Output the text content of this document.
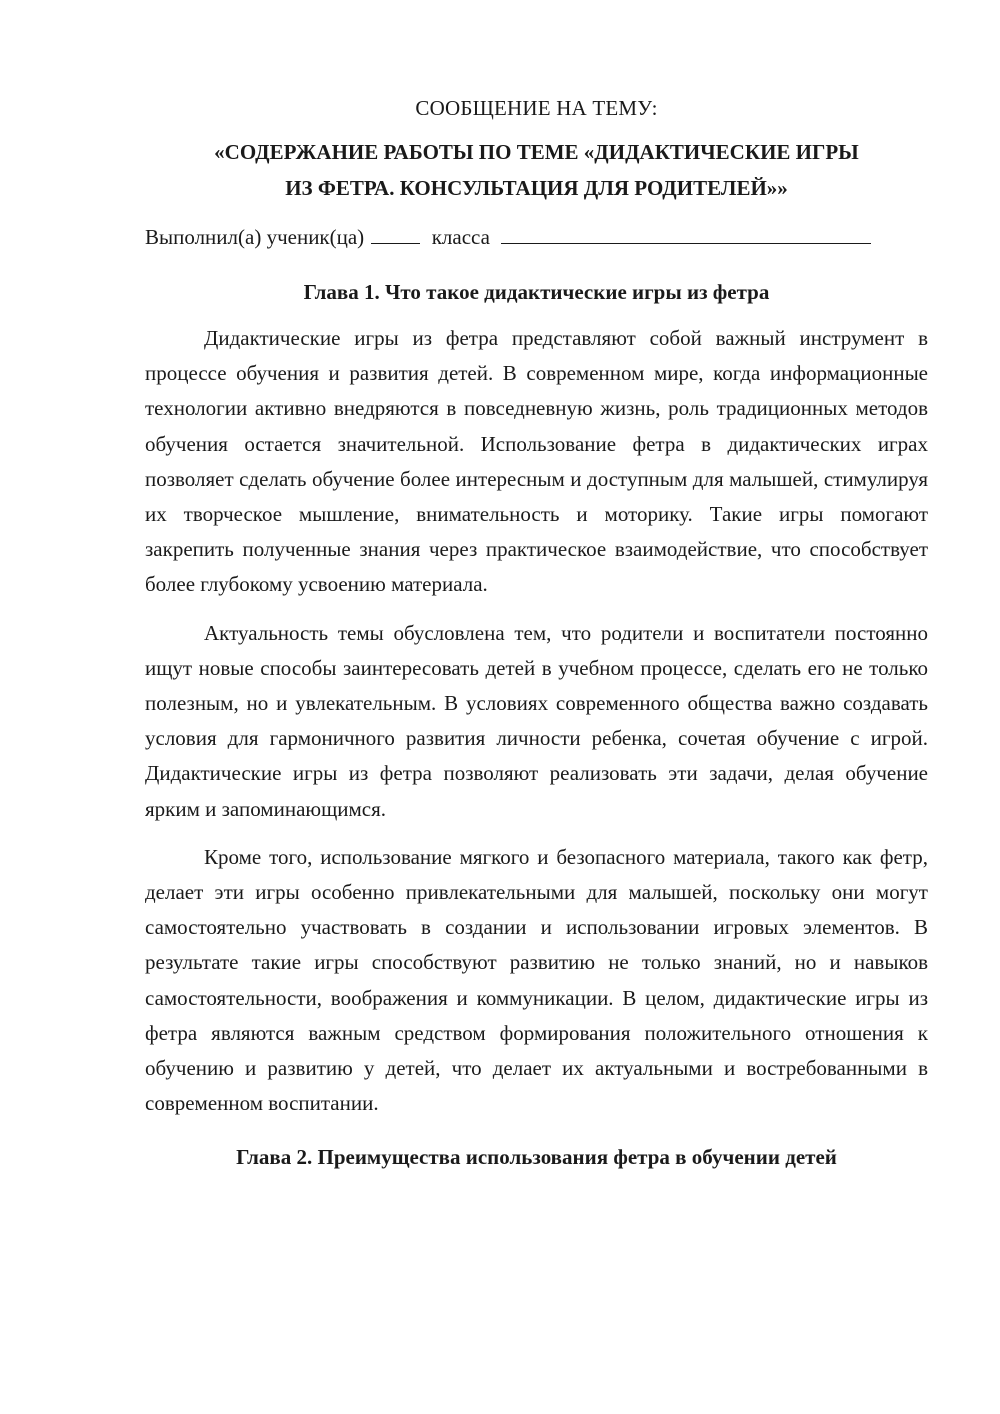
СООБЩЕНИЕ НА ТЕМУ:

«СОДЕРЖАНИЕ РАБОТЫ ПО ТЕМЕ «ДИДАКТИЧЕСКИЕ ИГРЫ
ИЗ ФЕТРА. КОНСУЛЬТАЦИЯ ДЛЯ РОДИТЕЛЕЙ»»

Выполнил(а) ученик(ца)	класса
Глава 1. Что такое дидактические игры из фетра

Дидактические игры из фетра представляют собой важный инструмент в процессе обучения и развития детей. В современном мире, когда информационные технологии активно внедряются в повседневную жизнь, роль традиционных методов обучения остается значительной. Использование фетра в дидактических играх позволяет сделать обучение более интересным и доступным для малышей, стимулируя их творческое мышление, внимательность и моторику. Такие игры помогают закрепить полученные знания через практическое взаимодействие, что способствует более глубокому усвоению материала.

Актуальность темы обусловлена тем, что родители и воспитатели постоянно ищут новые способы заинтересовать детей в учебном процессе, сделать его не только полезным, но и увлекательным. В условиях современного общества важно создавать условия для гармоничного развития личности ребенка, сочетая обучение с игрой. Дидактические игры из фетра позволяют реализовать эти задачи, делая обучение ярким и запоминающимся.

Кроме того, использование мягкого и безопасного материала, такого как фетр, делает эти игры особенно привлекательными для малышей, поскольку они могут самостоятельно участвовать в создании и использовании игровых элементов. В результате такие игры способствуют развитию не только знаний, но и навыков самостоятельности, воображения и коммуникации. В целом, дидактические игры из фетра являются важным средством формирования положительного отношения к обучению и развитию у детей, что делает их актуальными и востребованными в современном воспитании.

Глава 2. Преимущества использования фетра в обучении детей
